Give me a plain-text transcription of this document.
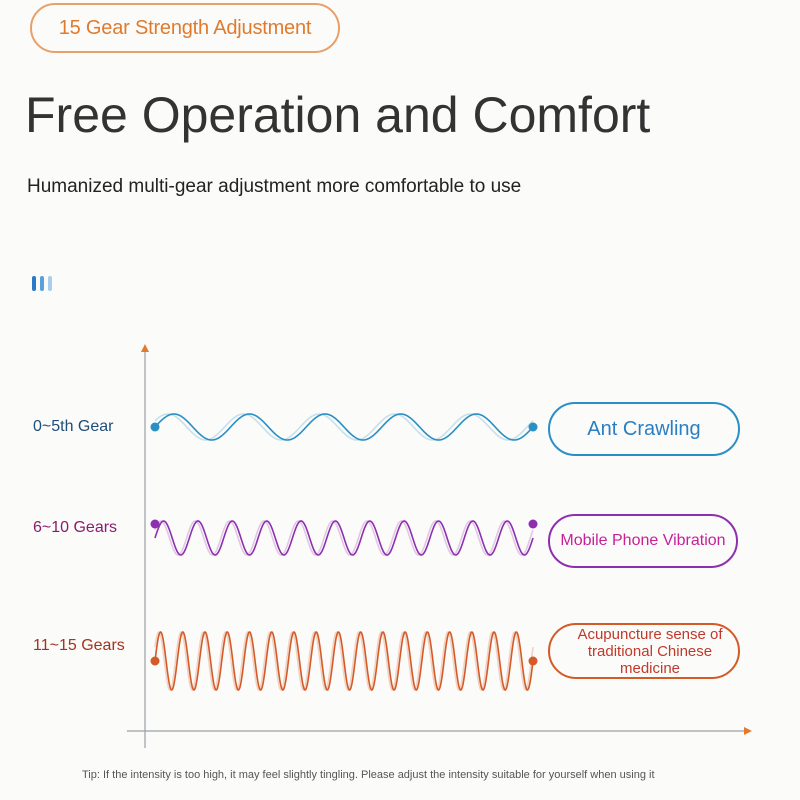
15 Gear Strength Adjustment
Free Operation and Comfort
Humanized multi-gear adjustment more comfortable to use
0~5th Gear
6~10 Gears
11~15 Gears
Ant Crawling
Mobile Phone Vibration
Acupuncture sense of traditional Chinese medicine
Tip: If the intensity is too high, it may feel slightly tingling. Please adjust the intensity suitable for yourself when using it
